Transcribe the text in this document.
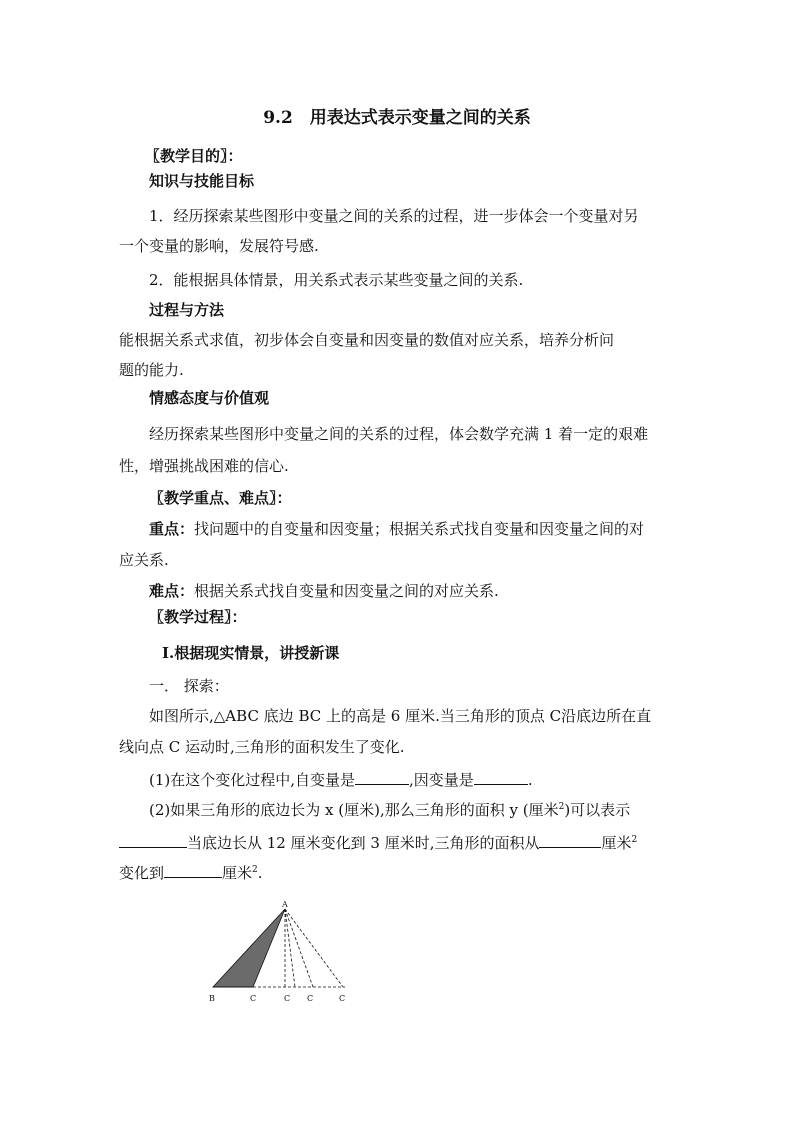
9.2　用表达式表示变量之间的关系
〖教学目的〗：
知识与技能目标
1．经历探索某些图形中变量之间的关系的过程，进一步体会一个变量对另
一个变量的影响，发展符号感.
2．能根据具体情景，用关系式表示某些变量之间的关系.
过程与方法
能根据关系式求值，初步体会自变量和因变量的数值对应关系，培养分析问
题的能力.
情感态度与价值观
经历探索某些图形中变量之间的关系的过程，体会数学充满 1 着一定的艰难
性，增强挑战困难的信心.
〖教学重点、难点〗：
重点：找问题中的自变量和因变量；根据关系式找自变量和因变量之间的对
应关系.
难点：根据关系式找自变量和因变量之间的对应关系.
〖教学过程〗：
Ⅰ.根据现实情景，讲授新课
一． 探索：
如图所示,△ABC 底边 BC 上的高是 6 厘米.当三角形的顶点 C沿底边所在直
线向点 C 运动时,三角形的面积发生了变化.
(1)在这个变化过程中,自变量是	,因变量是	.
(2)如果三角形的底边长为 x (厘米),那么三角形的面积 y (厘米$^2$)可以表示
当底边长从 12 厘米变化到 3 厘米时,三角形的面积从	厘米$^2$
变化到	厘米$^2$.
A
B	C	C C	C
